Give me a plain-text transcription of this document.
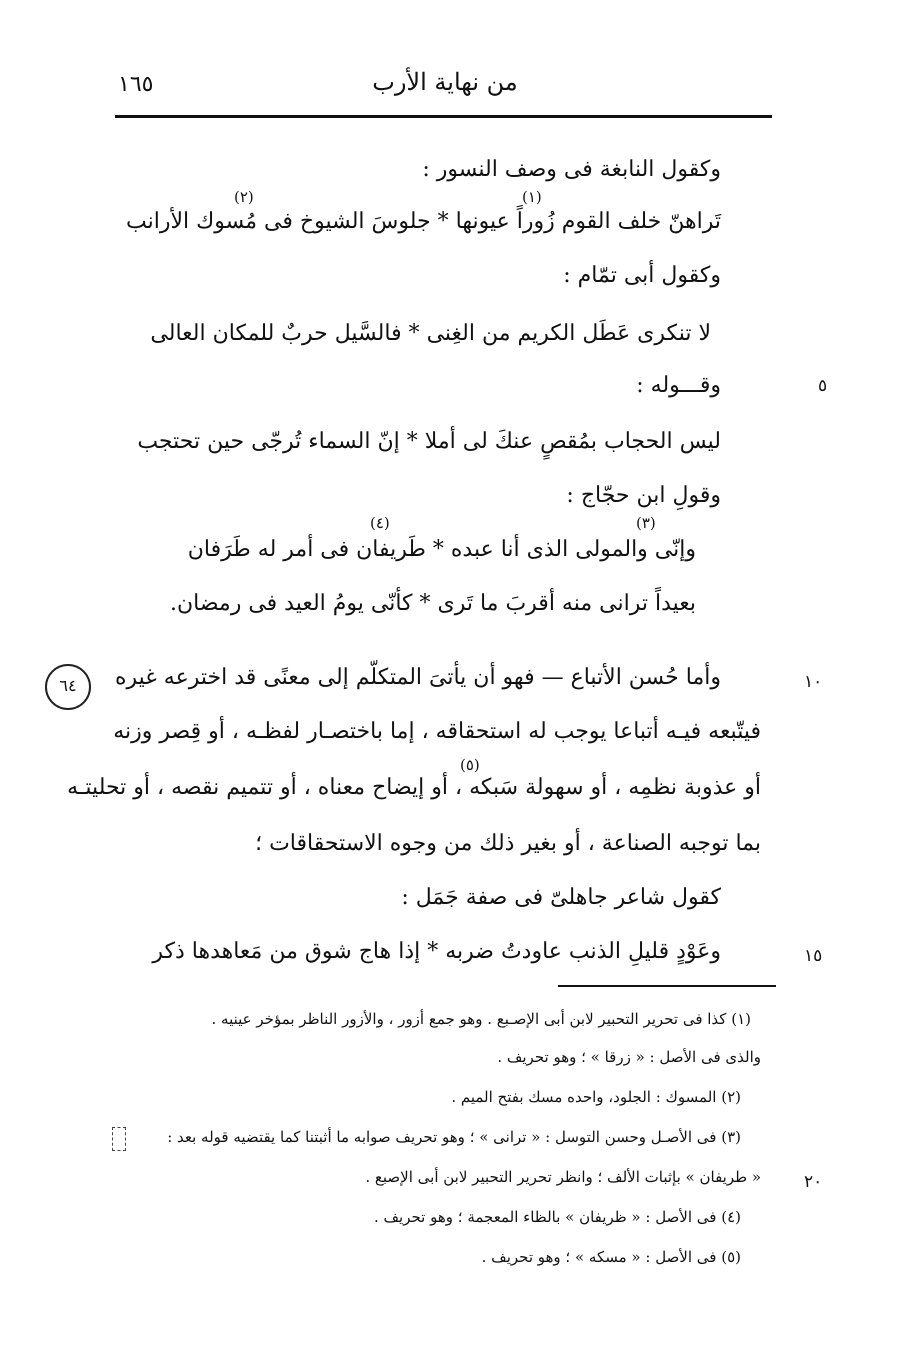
من نهاية الأرب
١٦٥
وكقول النابغة فى وصف النسور :
تَراهنّ خلف القوم زُوراً عيونها * جلوسَ الشيوخ فى مُسوك الأرانب
(١)
(٢)
وكقول أبى تمّام :
لا تنكرى عَطَل الكريم من الغِنى * فالسَّيل حربٌ للمكان العالى
٥
وقـــوله :
ليس الحجاب بمُقصٍ عنكَ لى أملا * إنّ السماء تُرجّى حين تحتجب
وقولِ ابن حجّاج :
(٣)
(٤)
وإنّى والمولى الذى أنا عبده * طَريفان فى أمر له طَرَفان
بعيداً ترانى منه أقربَ ما تَرى * كأنّى يومُ العيد فى رمضان.
٦٤	١٠
وأما حُسن الأتباع — فهو أن يأتىَ المتكلّم إلى معنًى قد اخترعه غيره
فيتّبعه فيـه أتباعا يوجب له استحقاقه ، إما باختصـار لفظـه ، أو قِصر وزنه
(٥)
أو عذوبة نظمِه ، أو سهولة سَبكه ، أو إيضاح معناه ، أو تتميم نقصه ، أو تحليتـه
بما توجبه الصناعة ، أو بغير ذلك من وجوه الاستحقاقات ؛
كقول شاعر جاهلىّ فى صفة جَمَل :
١٥
وعَوْدٍ قليلِ الذنب عاودتُ ضربه * إذا هاج شوق من مَعاهدها ذكر
(١) كذا فى تحرير التحبير لابن أبى الإصـبع . وهو جمع أزور ، والأزور الناظر بمؤخر عينيه .
والذى فى الأصل : « زرقا » ؛ وهو تحريف .
(٢) المسوك : الجلود، واحده مسك بفتح الميم .
(٣) فى الأصـل وحسن التوسل : « ترانى » ؛ وهو تحريف صوابه ما أثبتنا كما يقتضيه قوله بعد :
٢٠
« طريفان » بإثبات الألف ؛ وانظر تحرير التحبير لابن أبى الإصبع .
(٤) فى الأصل : « ظريفان » بالظاء المعجمة ؛ وهو تحريف .
(٥) فى الأصل : « مسكه » ؛ وهو تحريف .
